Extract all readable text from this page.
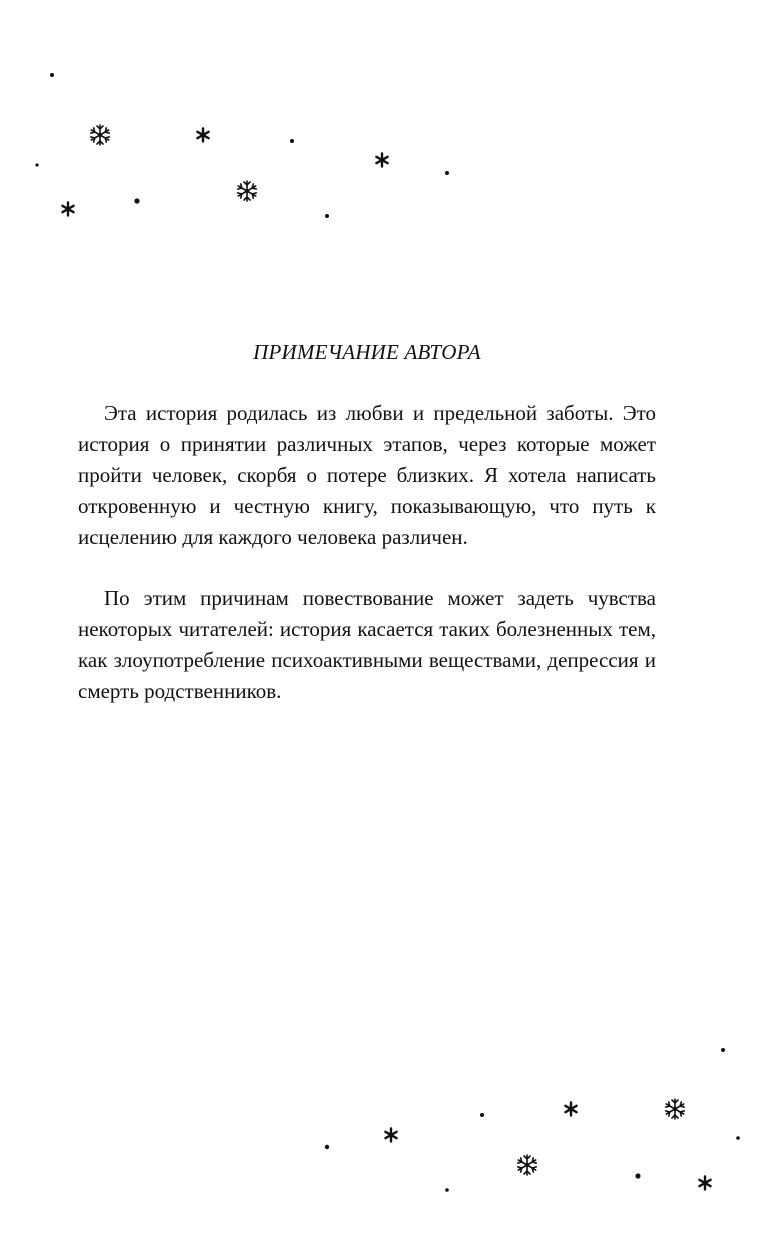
ПРИМЕЧАНИЕ АВТОРА

Эта история родилась из любви и предельной заботы. Это история о принятии различных этапов, через которые может пройти человек, скорбя о потере близких. Я хотела написать откровенную и честную книгу, показывающую, что путь к исцелению для каждого человека различен.

По этим причинам повествование может задеть чувства некоторых читателей: история касается таких болезненных тем, как злоупотребление психоактивными веществами, депрессия и смерть родственников.
